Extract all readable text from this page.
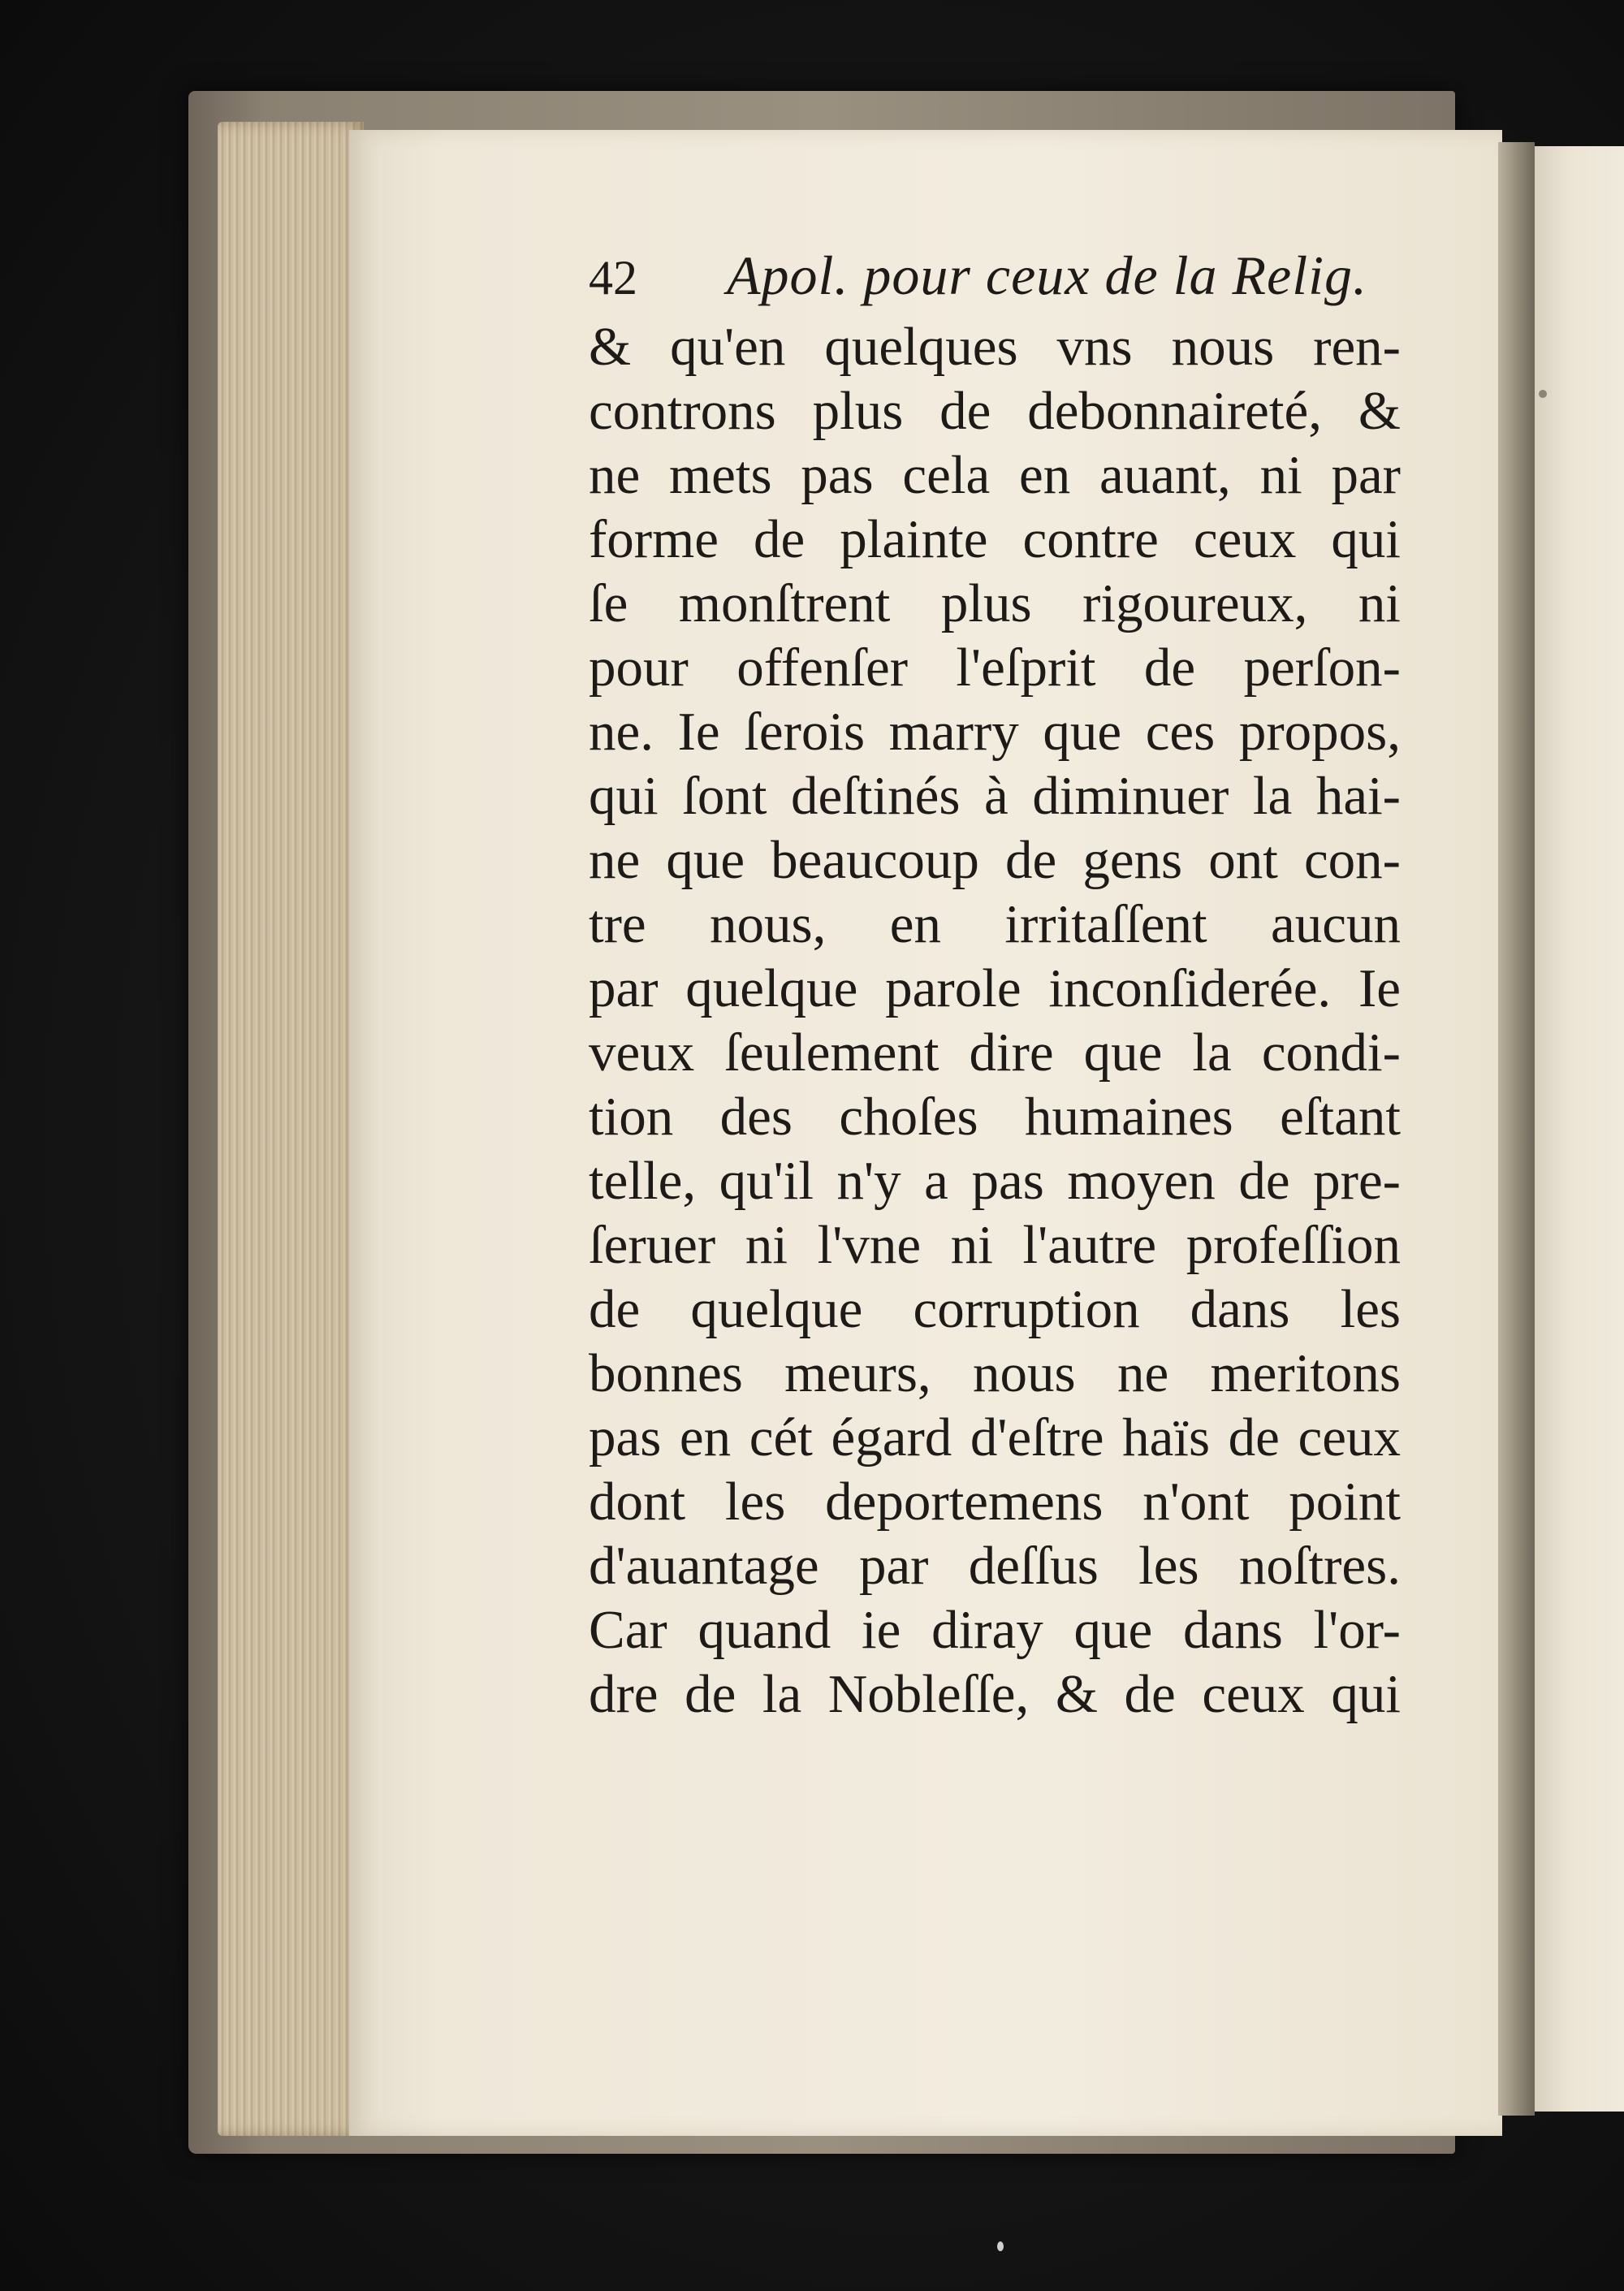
42	Apol. pour ceux de la Relig.
& qu'en quelques vns nous ren-
controns plus de debonnaireté, &
ne mets pas cela en auant, ni par
forme de plainte contre ceux qui
ſe monſtrent plus rigoureux, ni
pour offenſer l'eſprit de perſon-
ne. Ie ſerois marry que ces propos,
qui ſont deſtinés à diminuer la hai-
ne que beaucoup de gens ont con-
tre nous, en irritaſſent aucun
par quelque parole inconſiderée. Ie
veux ſeulement dire que la condi-
tion des choſes humaines eſtant
telle, qu'il n'y a pas moyen de pre-
ſeruer ni l'vne ni l'autre profeſſion
de quelque corruption dans les
bonnes meurs, nous ne meritons
pas en cét égard d'eſtre haïs de ceux
dont les deportemens n'ont point
d'auantage par deſſus les noſtres.
Car quand ie diray que dans l'or-
dre de la Nobleſſe, & de ceux qui
